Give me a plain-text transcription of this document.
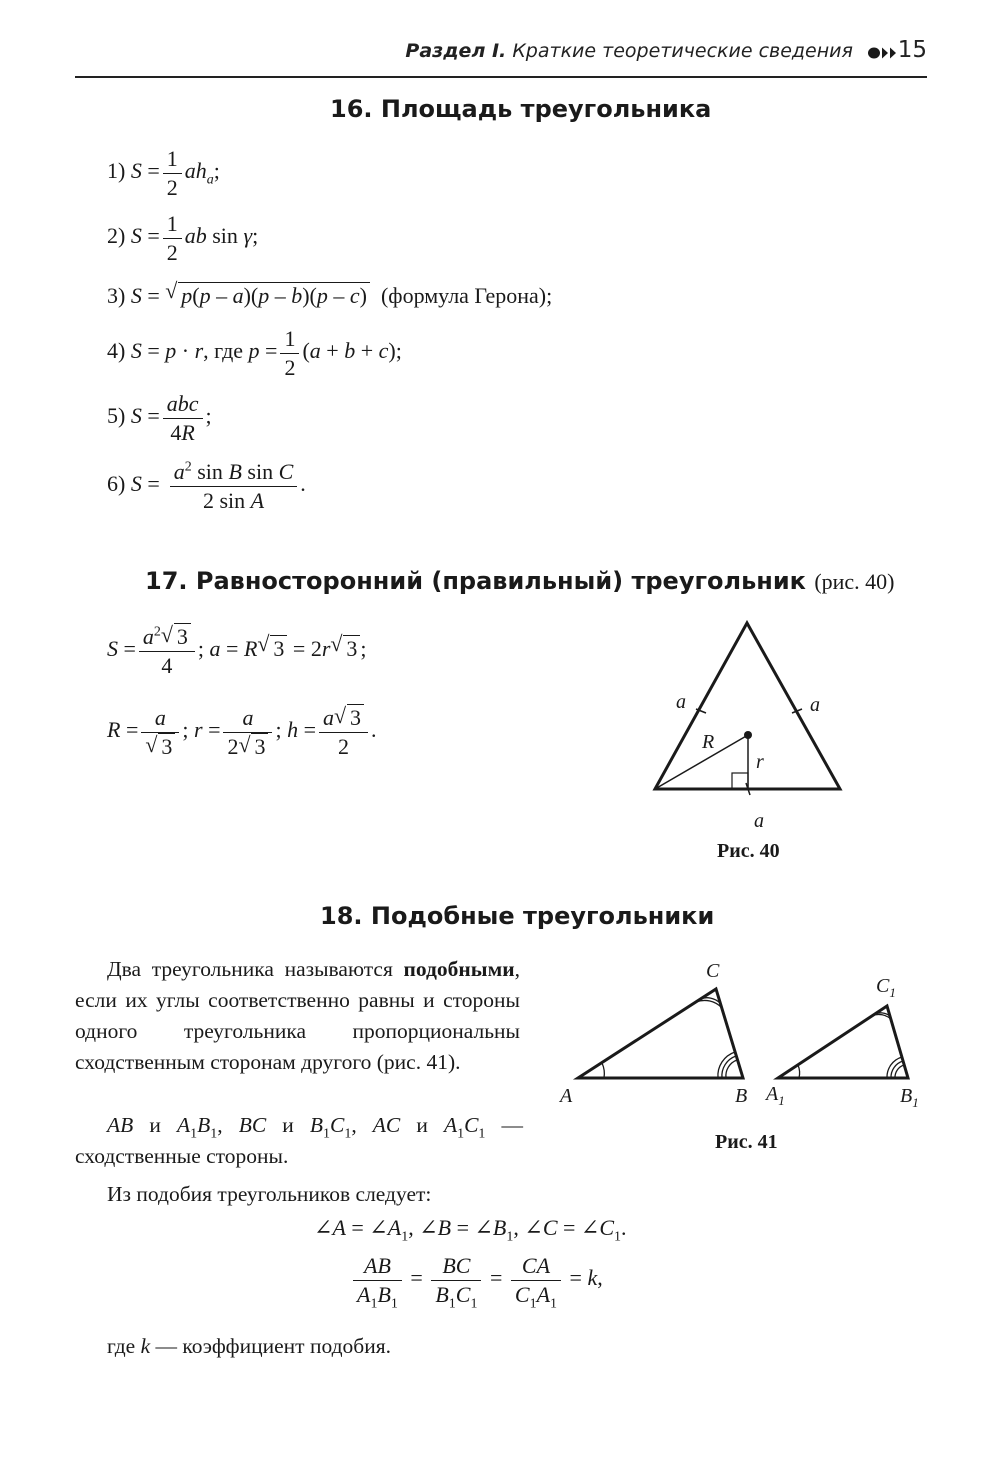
Раздел I. Краткие теоретические сведения	15
16. Площадь треугольника
1) $S = \frac{1}{2} ah_a$;
2) $S = \frac{1}{2}$ ab sin γ;
3) S = √ p(p – a)(p – b)(p – c) (формула Герона);
4) S = p · r, где $p = \frac{1}{2} (a + b + c)$;
5) S = abc
4R
;
6) $S = \frac{a^2 \sin B \sin C}{\text{2 sin A}}$ .
17. Равносторонний (правильный) треугольник (рис. 40)
$S = \frac{a^2 √ 3}{4}$ ; a = R √ 3 = 2r √ 3 ;
R = a
√ 3 ; $r = \frac{a}{2 √ 3}$ ; $h = \frac{a √ 3}{2}$ .
a	a
a
R
r
Рис. 40
18. Подобные треугольники
Два треугольника называются подобными, если их углы соответственно равны и стороны одного треугольника пропорциональны сходственным сторонам другого (рис. 41).
AB и $A_1B_1$, BC и $B_1C_1$, AC и $A_1C_1$ — сходственные стороны.
Из подобия треугольников следует:
∠A = $\angle A_1$, ∠B = $\angle B_1$, ∠C = $\angle C_1$.
$\frac{AB}{A_1B_1} = \frac{BC}{B_1C_1} = \frac{CA}{C_1A_1} = k$,
где k — коэффициент подобия.
A	B
C
$A_1$	$B_1$
$C_1$
Рис. 41
